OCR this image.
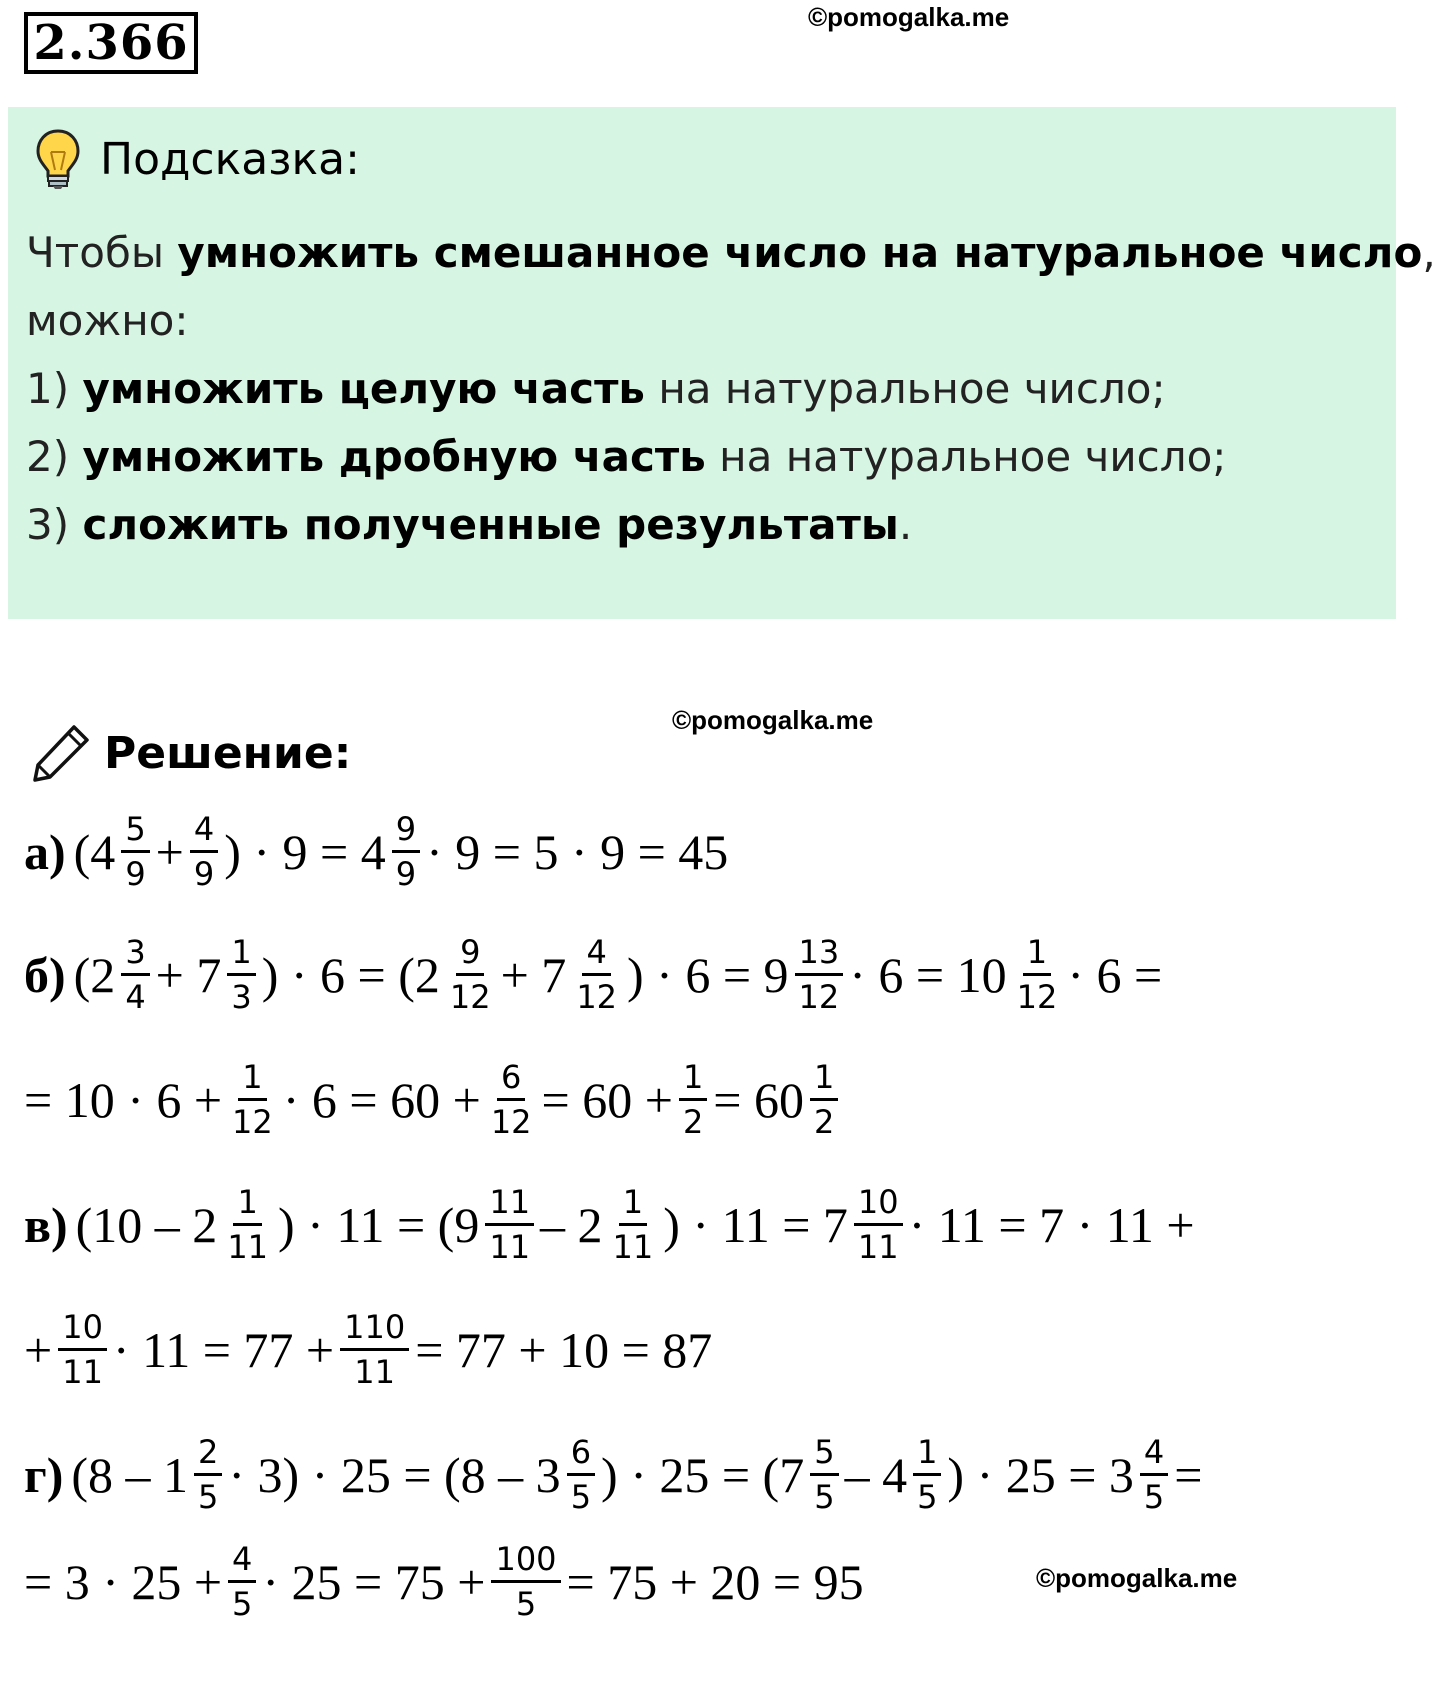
2.366	©pomogalka.me
Подсказка:
Чтобы умножить смешанное число на натуральное число,
можно:
1) умножить целую часть на натуральное число;
2) умножить дробную часть на натуральное число;
3) сложить полученные результаты.
©pomogalka.me
Решение:
а) ($4 \frac{5}{9} + \frac{4}{9}$ ) · $9 = 4 \frac{9}{9} \cdot 9 = 5 \cdot 9 = 45$
б) ($2 \frac{3}{4} + 7 \frac{1}{3}$ ) · $6 = (2 \frac{9}{12} + 7 \frac{4}{12}$ ) · $6 = 9 \frac{13}{12} \cdot 6 = 10 \frac{1}{12} \cdot 6$ =
= $10 \cdot 6 + \frac{1}{12} \cdot 6 = 60 + \frac{6}{12} = 60 + \frac{1}{2} = 60 \frac{1}{2}$
в) ($10 - 2 \frac{1}{11}$ ) · $11 = (9 \frac{11}{11} - 2 \frac{1}{11}$ ) · $11 = 7 \frac{10}{11} \cdot 11 = 7 \cdot 11$ +
+ $\frac{10}{11} \cdot 11 = 77 + \frac{110}{11} = 77 + 10 = 87$
г) $(8 - 1 \frac{2}{5} \cdot 3) \cdot 25 = (8 - 3 \frac{6}{5}$ ) · $25 = (7 \frac{5}{5} - 4 \frac{1}{5}$ ) · $25 = 3 \frac{4}{5}$ =
= $3 \cdot 25 + \frac{4}{5} \cdot 25 = 75 + \frac{100}{5} = 75 + 20 = 95$	©pomogalka.me
